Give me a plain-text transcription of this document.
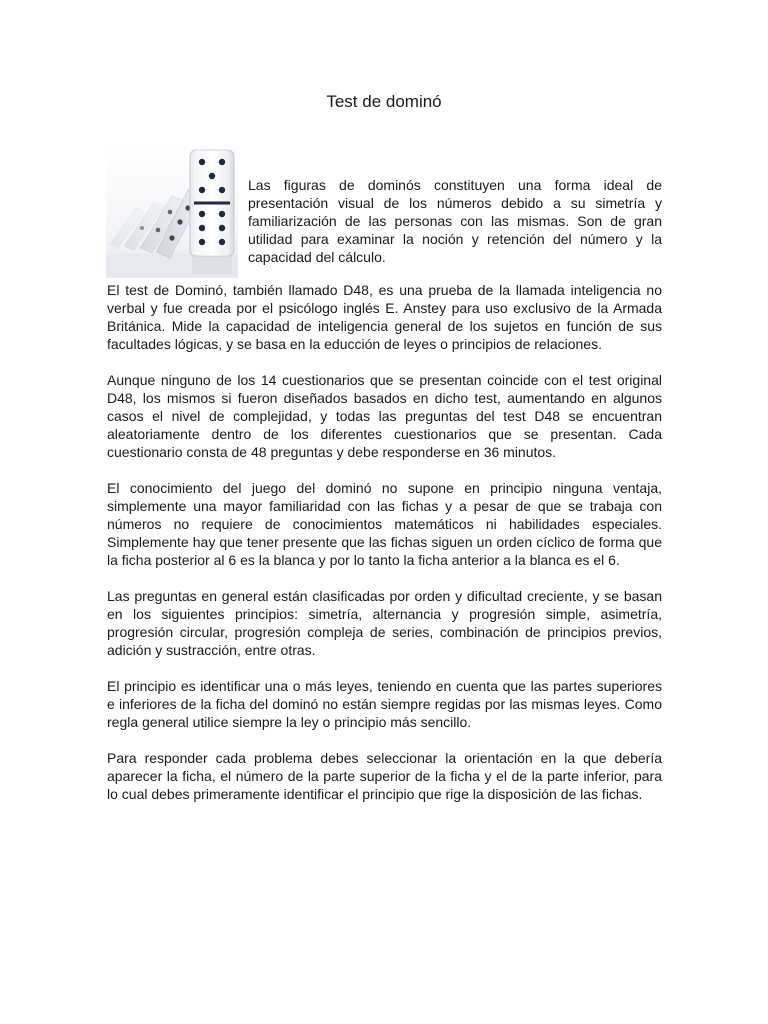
Test de dominó

Las figuras de dominós constituyen una forma ideal de presentación visual de los números debido a su simetría y familiarización de las personas con las mismas. Son de gran utilidad para examinar la noción y retención del número y la capacidad del cálculo.

El test de Dominó, también llamado D48, es una prueba de la llamada inteligencia no verbal y fue creada por el psicólogo inglés E. Anstey para uso exclusivo de la Armada Británica. Mide la capacidad de inteligencia general de los sujetos en función de sus facultades lógicas, y se basa en la educción de leyes o principios de relaciones.

Aunque ninguno de los 14 cuestionarios que se presentan coincide con el test original D48, los mismos si fueron diseñados basados en dicho test, aumentando en algunos casos el nivel de complejidad, y todas las preguntas del test D48 se encuentran aleatoriamente dentro de los diferentes cuestionarios que se presentan. Cada cuestionario consta de 48 preguntas y debe responderse en 36 minutos.

El conocimiento del juego del dominó no supone en principio ninguna ventaja, simplemente una mayor familiaridad con las fichas y a pesar de que se trabaja con números no requiere de conocimientos matemáticos ni habilidades especiales. Simplemente hay que tener presente que las fichas siguen un orden cíclico de forma que la ficha posterior al 6 es la blanca y por lo tanto la ficha anterior a la blanca es el 6.

Las preguntas en general están clasificadas por orden y dificultad creciente, y se basan en los siguientes principios: simetría, alternancia y progresión simple, asimetría, progresión circular, progresión compleja de series, combinación de principios previos, adición y sustracción, entre otras.

El principio es identificar una o más leyes, teniendo en cuenta que las partes superiores e inferiores de la ficha del dominó no están siempre regidas por las mismas leyes. Como regla general utilice siempre la ley o principio más sencillo.

Para responder cada problema debes seleccionar la orientación en la que debería aparecer la ficha, el número de la parte superior de la ficha y el de la parte inferior, para lo cual debes primeramente identificar el principio que rige la disposición de las fichas.
